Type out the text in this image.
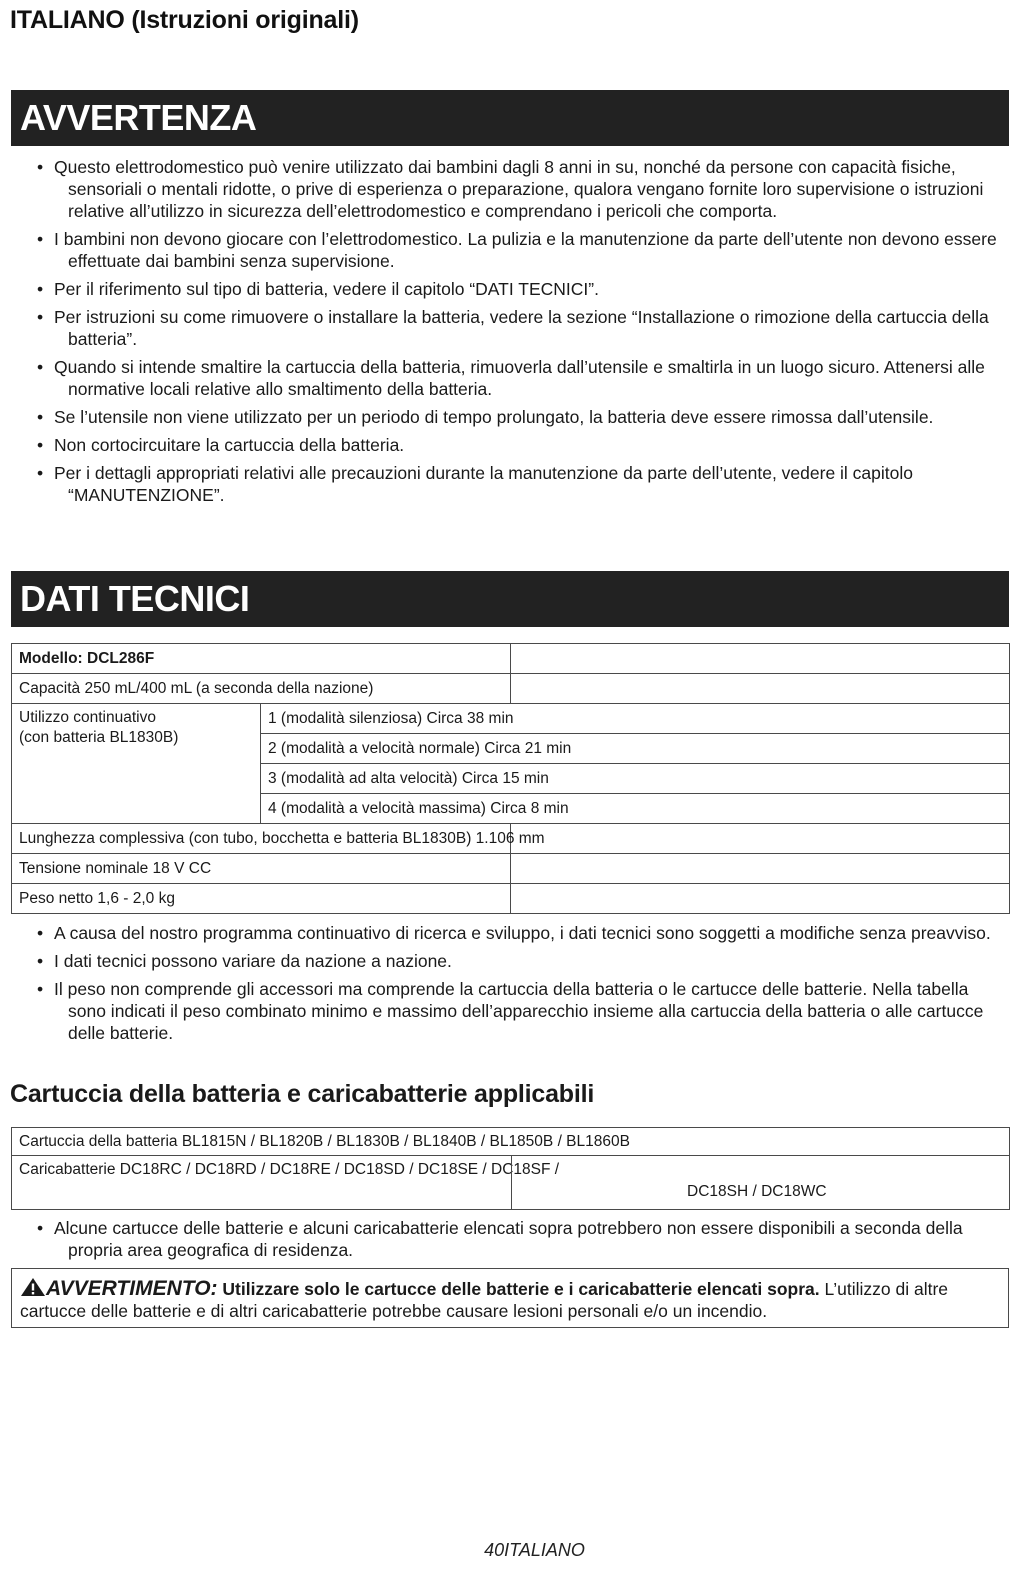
ITALIANO (Istruzioni originali)
AVVERTENZA
• Questo elettrodomestico può venire utilizzato dai bambini dagli 8 anni in su, nonché da persone con capacità fisiche, sensoriali o mentali ridotte, o prive di esperienza o preparazione, qualora vengano fornite loro supervisione o istruzioni relative all’utilizzo in sicurezza dell’elettrodomestico e comprendano i pericoli che comporta.
• I bambini non devono giocare con l’elettrodomestico. La pulizia e la manutenzione da parte dell’utente non devono essere effettuate dai bambini senza supervisione.
• Per il riferimento sul tipo di batteria, vedere il capitolo “DATI TECNICI”.
• Per istruzioni su come rimuovere o installare la batteria, vedere la sezione “Installazione o rimozione della cartuccia della batteria”.
• Quando si intende smaltire la cartuccia della batteria, rimuoverla dall’utensile e smaltirla in un luogo sicuro. Attenersi alle normative locali relative allo smaltimento della batteria.
• Se l’utensile non viene utilizzato per un periodo di tempo prolungato, la batteria deve essere rimossa dall’utensile.
• Non cortocircuitare la cartuccia della batteria.
• Per i dettagli appropriati relativi alle precauzioni durante la manutenzione da parte dell’utente, vedere il capitolo “MANUTENZIONE”.
DATI TECNICI
Modello: DCL286F		
Capacità 250 mL/400 mL (a seconda della nazione)		

Utilizzo continuativo
(con batteria BL1830B)	1 (modalità silenziosa) Circa 38 min	
	2 (modalità a velocità normale) Circa 21 min	
	3 (modalità ad alta velocità) Circa 15 min	
	4 (modalità a velocità massima) Circa 8 min	
Lunghezza complessiva (con tubo, bocchetta e batteria BL1830B) 1.106 mm		
Tensione nominale 18 V CC		
Peso netto 1,6 - 2,0 kg		
• A causa del nostro programma continuativo di ricerca e sviluppo, i dati tecnici sono soggetti a modifiche senza preavviso.
• I dati tecnici possono variare da nazione a nazione.
• Il peso non comprende gli accessori ma comprende la cartuccia della batteria o le cartucce delle batterie. Nella tabella sono indicati il peso combinato minimo e massimo dell’apparecchio insieme alla cartuccia della batteria o alle cartucce delle batterie.
Cartuccia della batteria e caricabatterie applicabili
Cartuccia della batteria BL1815N / BL1820B / BL1830B / BL1840B / BL1850B / BL1860B

Caricabatterie DC18RC / DC18RD / DC18RE / DC18SD / DC18SE / DC18SF /
DC18SH / DC18WC
• Alcune cartucce delle batterie e alcuni caricabatterie elencati sopra potrebbero non essere disponibili a seconda della propria area geografica di residenza.
AVVERTIMENTO: Utilizzare solo le cartucce delle batterie e i caricabatterie elencati sopra. L’utilizzo di altre cartucce delle batterie e di altri caricabatterie potrebbe causare lesioni personali e/o un incendio.
40ITALIANO
